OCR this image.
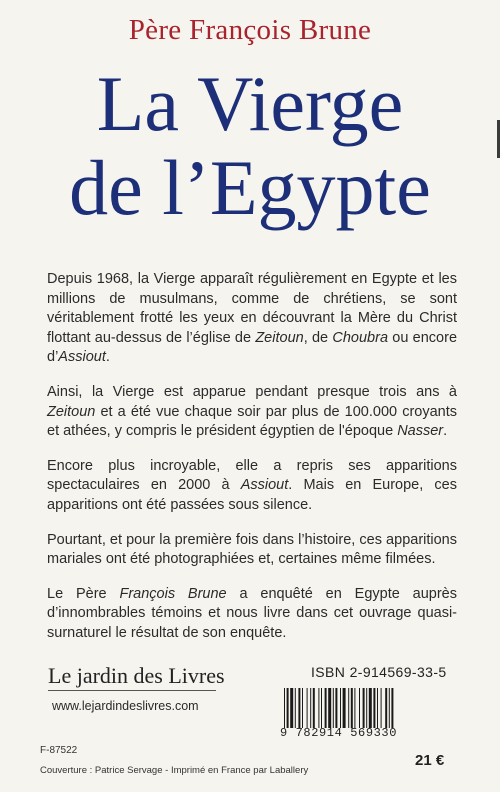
Père François Brune
La Vierge
de l’Egypte

Depuis 1968, la Vierge apparaît régulièrement en Egypte et les millions de musulmans, comme de chrétiens, se sont véritablement frotté les yeux en découvrant la Mère du Christ flottant au-dessus de l’église de Zeitoun, de Choubra ou encore d’Assiout.

Ainsi, la Vierge est apparue pendant presque trois ans à Zeitoun et a été vue chaque soir par plus de 100.000 croyants et athées, y compris le président égyptien de l'époque Nasser.

Encore plus incroyable, elle a repris ses apparitions spectaculaires en 2000 à Assiout. Mais en Europe, ces apparitions ont été passées sous silence.

Pourtant, et pour la première fois dans l’histoire, ces apparitions mariales ont été photographiées et, certaines même filmées.

Le Père François Brune a enquêté en Egypte auprès d’innombrables témoins et nous livre dans cet ouvrage quasi-surnaturel le résultat de son enquête.

Le jardin des Livres
www.lejardindeslivres.com
F-87522
Couverture : Patrice Servage - Imprimé en France par Laballery
ISBN 2-914569-33-5
9 782914 569330
21 €
